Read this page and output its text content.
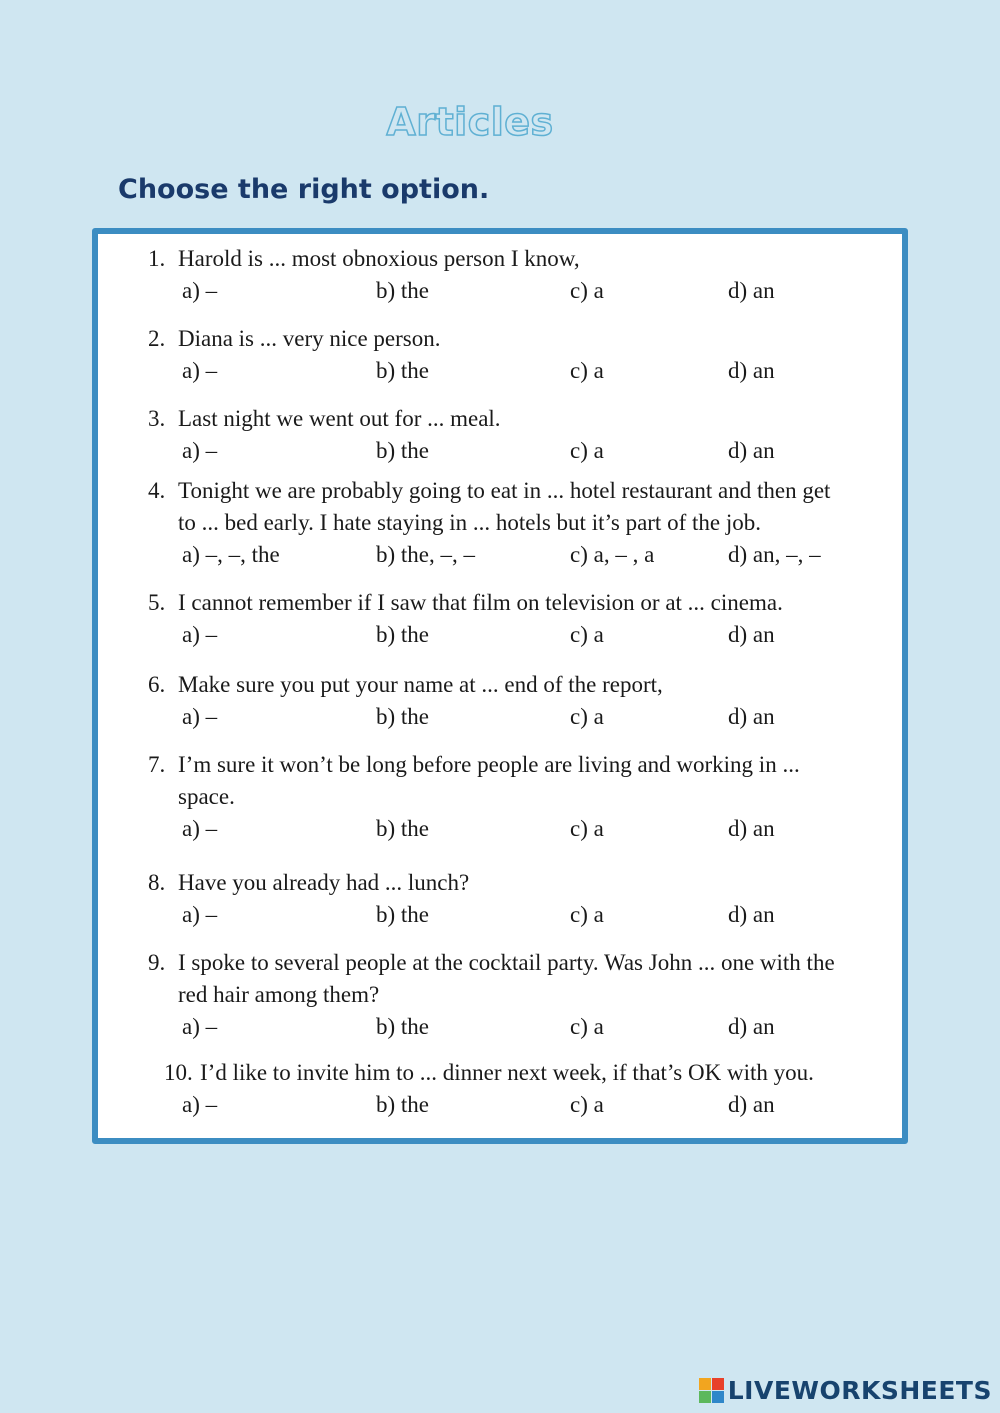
Articles
Choose the right option.
1. Harold is ... most obnoxious person I know,
a) –	b) the	c) a	d) an
2. Diana is ... very nice person.
a) –	b) the	c) a	d) an
3. Last night we went out for ... meal.
a) –	b) the	c) a	d) an
4. Tonight we are probably going to eat in ... hotel restaurant and then get
to ... bed early. I hate staying in ... hotels but it’s part of the job.
a) –, –, the	b) the, –, –	c) a, – , a	d) an, –, –
5. I cannot remember if I saw that film on television or at ... cinema.
a) –	b) the	c) a	d) an
6. Make sure you put your name at ... end of the report,
a) –	b) the	c) a	d) an
7. I’m sure it won’t be long before people are living and working in ...
space.
a) –	b) the	c) a	d) an
8. Have you already had ... lunch?
a) –	b) the	c) a	d) an
9. I spoke to several people at the cocktail party. Was John ... one with the
red hair among them?
a) –	b) the	c) a	d) an
10. I’d like to invite him to ... dinner next week, if that’s OK with you.
a) –	b) the	c) a	d) an
LIVEWORKSHEETS
